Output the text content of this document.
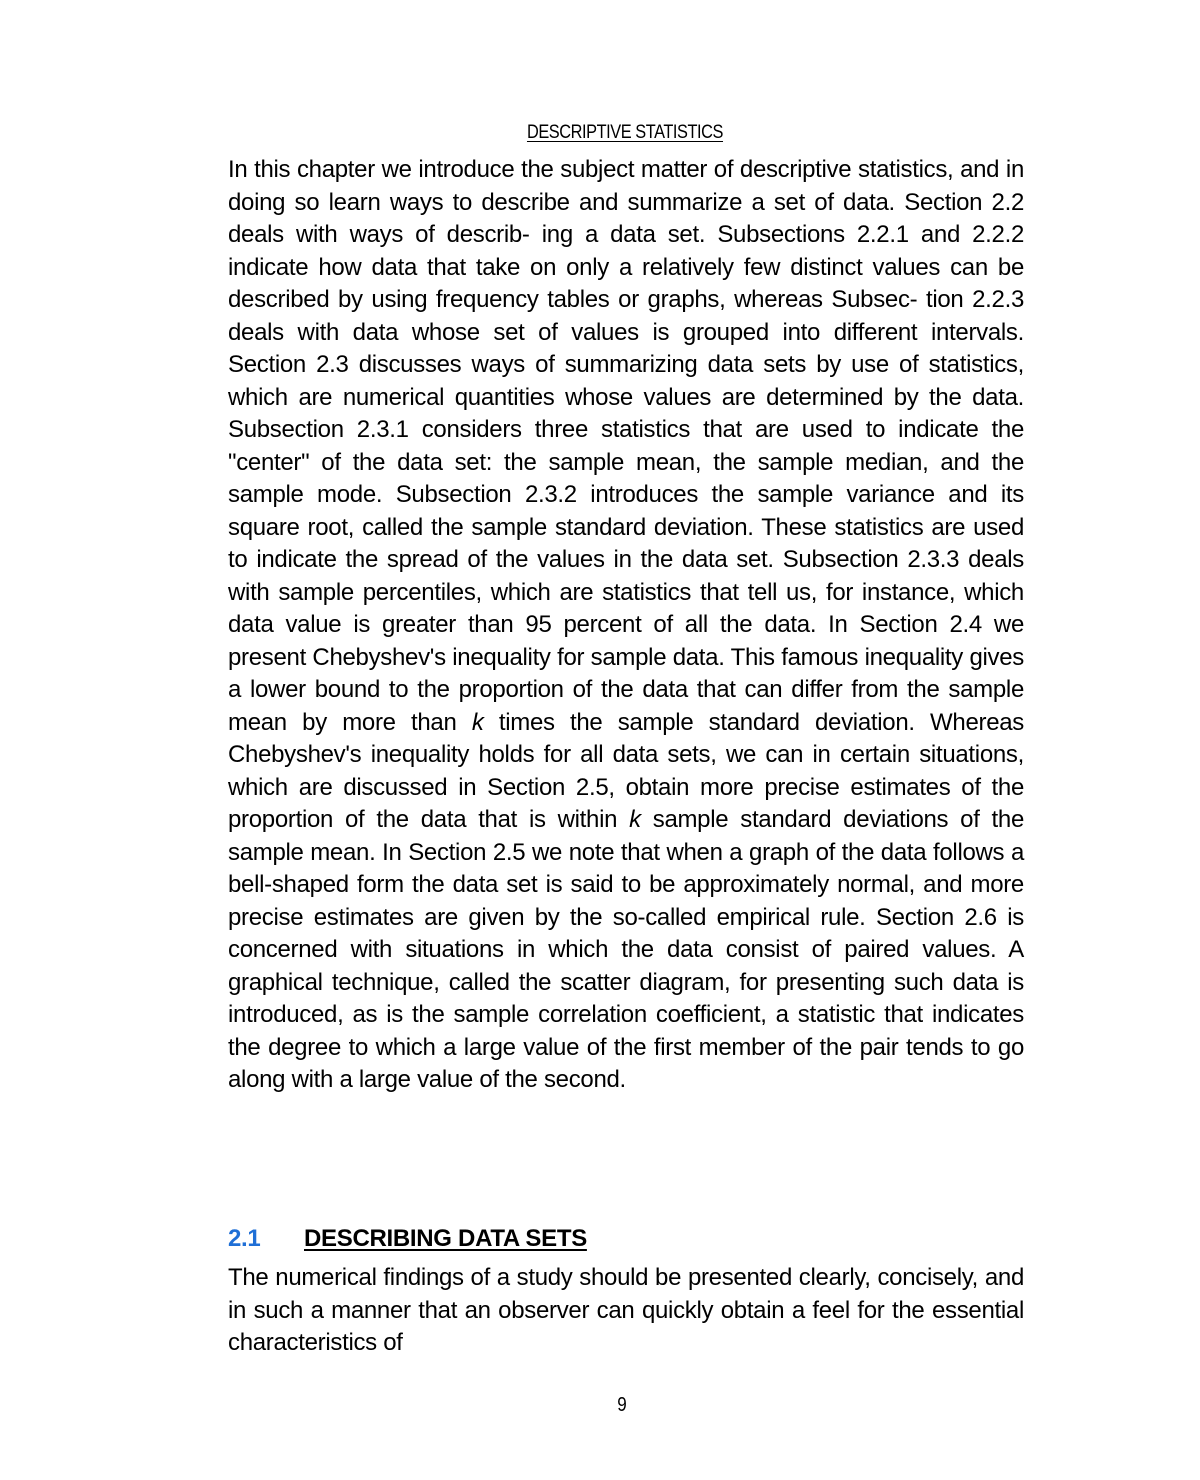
DESCRIPTIVE STATISTICS

In this chapter we introduce the subject matter of descriptive statistics, and in doing so learn ways to describe and summarize a set of data. Section 2.2 deals with ways of describ- ing a data set. Subsections 2.2.1 and 2.2.2 indicate how data that take on only a relatively few distinct values can be described by using frequency tables or graphs, whereas Subsec- tion 2.2.3 deals with data whose set of values is grouped into different intervals. Section 2.3 discusses ways of summarizing data sets by use of statistics, which are numerical quantities whose values are determined by the data. Subsection 2.3.1 considers three statistics that are used to indicate the "center" of the data set: the sample mean, the sample median, and the sample mode. Subsection 2.3.2 introduces the sample variance and its square root, called the sample standard deviation. These statistics are used to indicate the spread of the values in the data set. Subsection 2.3.3 deals with sample percentiles, which are statistics that tell us, for instance, which data value is greater than 95 percent of all the data. In Section 2.4 we present Chebyshev's inequality for sample data. This famous inequality gives a lower bound to the proportion of the data that can differ from the sample mean by more than k times the sample standard deviation. Whereas Chebyshev's inequality holds for all data sets, we can in certain situations, which are discussed in Section 2.5, obtain more precise estimates of the proportion of the data that is within k sample standard deviations of the sample mean. In Section 2.5 we note that when a graph of the data follows a bell-shaped form the data set is said to be approximately normal, and more precise estimates are given by the so-called empirical rule. Section 2.6 is concerned with situations in which the data consist of paired values. A graphical technique, called the scatter diagram, for presenting such data is introduced, as is the sample correlation coefficient, a statistic that indicates the degree to which a large value of the first member of the pair tends to go along with a large value of the second.

2.1 DESCRIBING DATA SETS

The numerical findings of a study should be presented clearly, concisely, and in such a manner that an observer can quickly obtain a feel for the essential characteristics of

9
